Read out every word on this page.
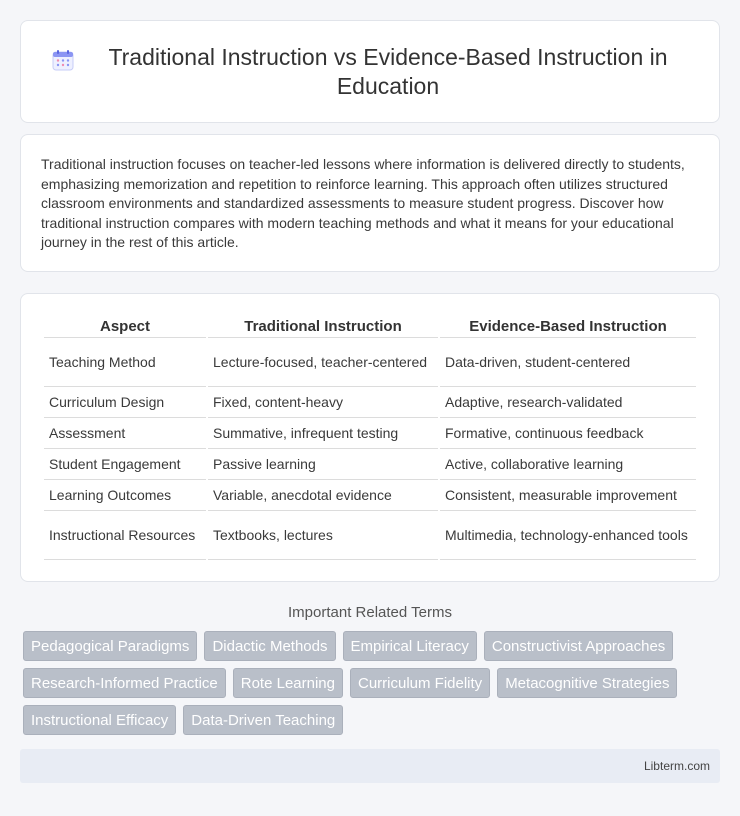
Traditional Instruction vs Evidence-Based Instruction in Education

Traditional instruction focuses on teacher-led lessons where information is delivered directly to students, emphasizing memorization and repetition to reinforce learning. This approach often utilizes structured classroom environments and standardized assessments to measure student progress. Discover how traditional instruction compares with modern teaching methods and what it means for your educational journey in the rest of this article.

Aspect	Traditional Instruction	Evidence-Based Instruction
Teaching Method	Lecture-focused, teacher-centered	Data-driven, student-centered
Curriculum Design	Fixed, content-heavy	Adaptive, research-validated
Assessment	Summative, infrequent testing	Formative, continuous feedback
Student Engagement	Passive learning	Active, collaborative learning
Learning Outcomes	Variable, anecdotal evidence	Consistent, measurable improvement
Instructional Resources	Textbooks, lectures	Multimedia, technology-enhanced tools
Important Related Terms
Pedagogical Paradigms	Didactic Methods	Empirical Literacy	Constructivist Approaches
Research-Informed Practice	Rote Learning	Curriculum Fidelity	Metacognitive Strategies
Instructional Efficacy	Data-Driven Teaching
Libterm.com
